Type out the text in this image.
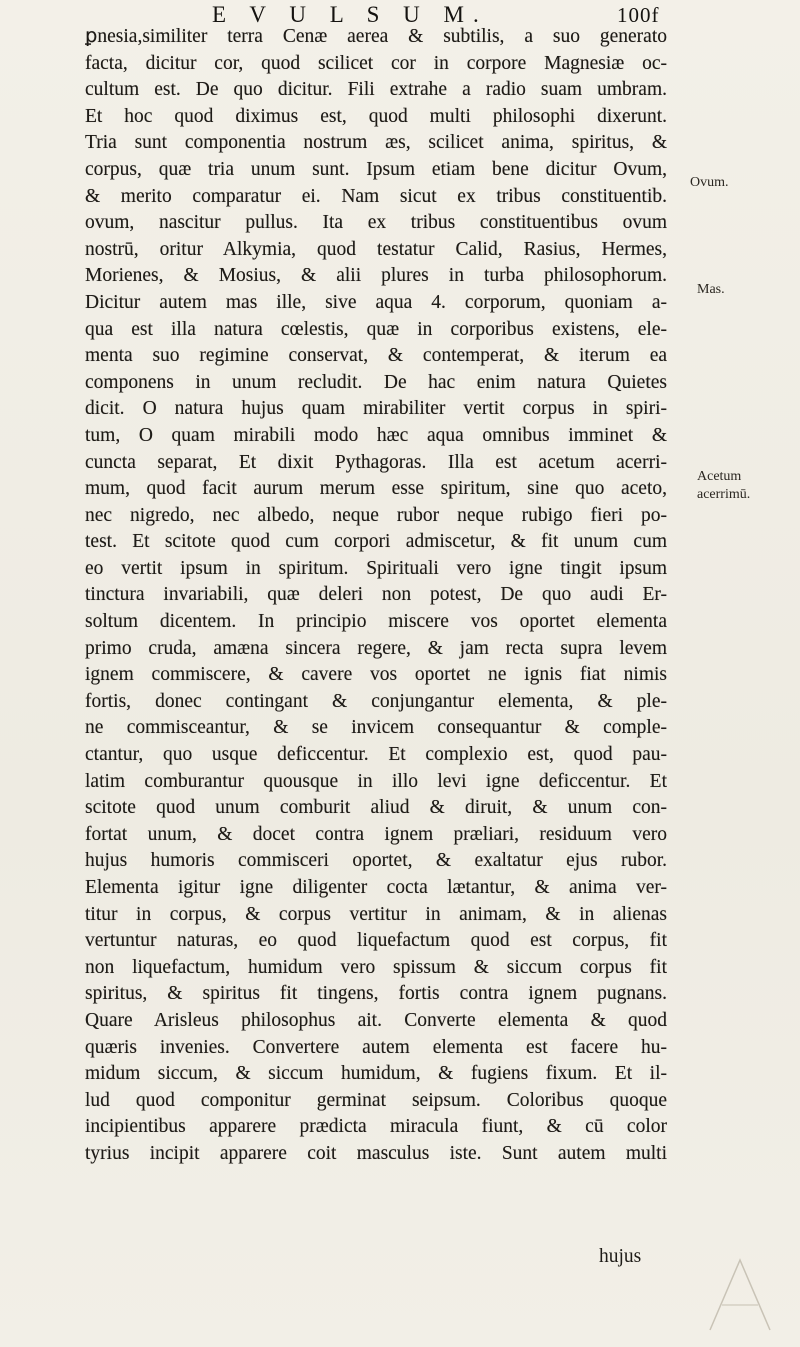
E V U L S U M.	100f
ꝑnesia,similiter terra Cenæ aerea & subtilis, a suo generato
facta, dicitur cor, quod scilicet cor in corpore Magnesiæ oc-
cultum est. De quo dicitur. Fili extrahe a radio suam umbram.
Et hoc quod diximus est, quod multi philosophi dixerunt.
Tria sunt componentia nostrum æs, scilicet anima, spiritus, &
corpus, quæ tria unum sunt. Ipsum etiam bene dicitur Ovum,
& merito comparatur ei. Nam sicut ex tribus constituentib.
ovum, nascitur pullus. Ita ex tribus constituentibus ovum
nostrū, oritur Alkymia, quod testatur Calid, Rasius, Hermes,
Morienes, & Mosius, & alii plures in turba philosophorum.
Dicitur autem mas ille, sive aqua 4. corporum, quoniam a-
qua est illa natura cœlestis, quæ in corporibus existens, ele-
menta suo regimine conservat, & contemperat, & iterum ea
componens in unum recludit. De hac enim natura Quietes
dicit. O natura hujus quam mirabiliter vertit corpus in spiri-
tum, O quam mirabili modo hæc aqua omnibus imminet &
cuncta separat, Et dixit Pythagoras. Illa est acetum acerri-
mum, quod facit aurum merum esse spiritum, sine quo aceto,
nec nigredo, nec albedo, neque rubor neque rubigo fieri po-
test. Et scitote quod cum corpori admiscetur, & fit unum cum
eo vertit ipsum in spiritum. Spirituali vero igne tingit ipsum
tinctura invariabili, quæ deleri non potest, De quo audi Er-
soltum dicentem. In principio miscere vos oportet elementa
primo cruda, amæna sincera regere, & jam recta supra levem
ignem commiscere, & cavere vos oportet ne ignis fiat nimis
fortis, donec contingant & conjungantur elementa, & ple-
ne commisceantur, & se invicem consequantur & comple-
ctantur, quo usque deficcentur. Et complexio est, quod pau-
latim comburantur quousque in illo levi igne deficcentur. Et
scitote quod unum comburit aliud & diruit, & unum con-
fortat unum, & docet contra ignem præliari, residuum vero
hujus humoris commisceri oportet, & exaltatur ejus rubor.
Elementa igitur igne diligenter cocta lætantur, & anima ver-
titur in corpus, & corpus vertitur in animam, & in alienas
vertuntur naturas, eo quod liquefactum quod est corpus, fit
non liquefactum, humidum vero spissum & siccum corpus fit
spiritus, & spiritus fit tingens, fortis contra ignem pugnans.
Quare Arisleus philosophus ait. Converte elementa & quod
quæris invenies. Convertere autem elementa est facere hu-
midum siccum, & siccum humidum, & fugiens fixum. Et il-
lud quod componitur germinat seipsum. Coloribus quoque
incipientibus apparere prædicta miracula fiunt, & cū color
tyrius incipit apparere coit masculus iste. Sunt autem multi
hujus
Ovum.
Mas.
Acetum
acerrimū.
